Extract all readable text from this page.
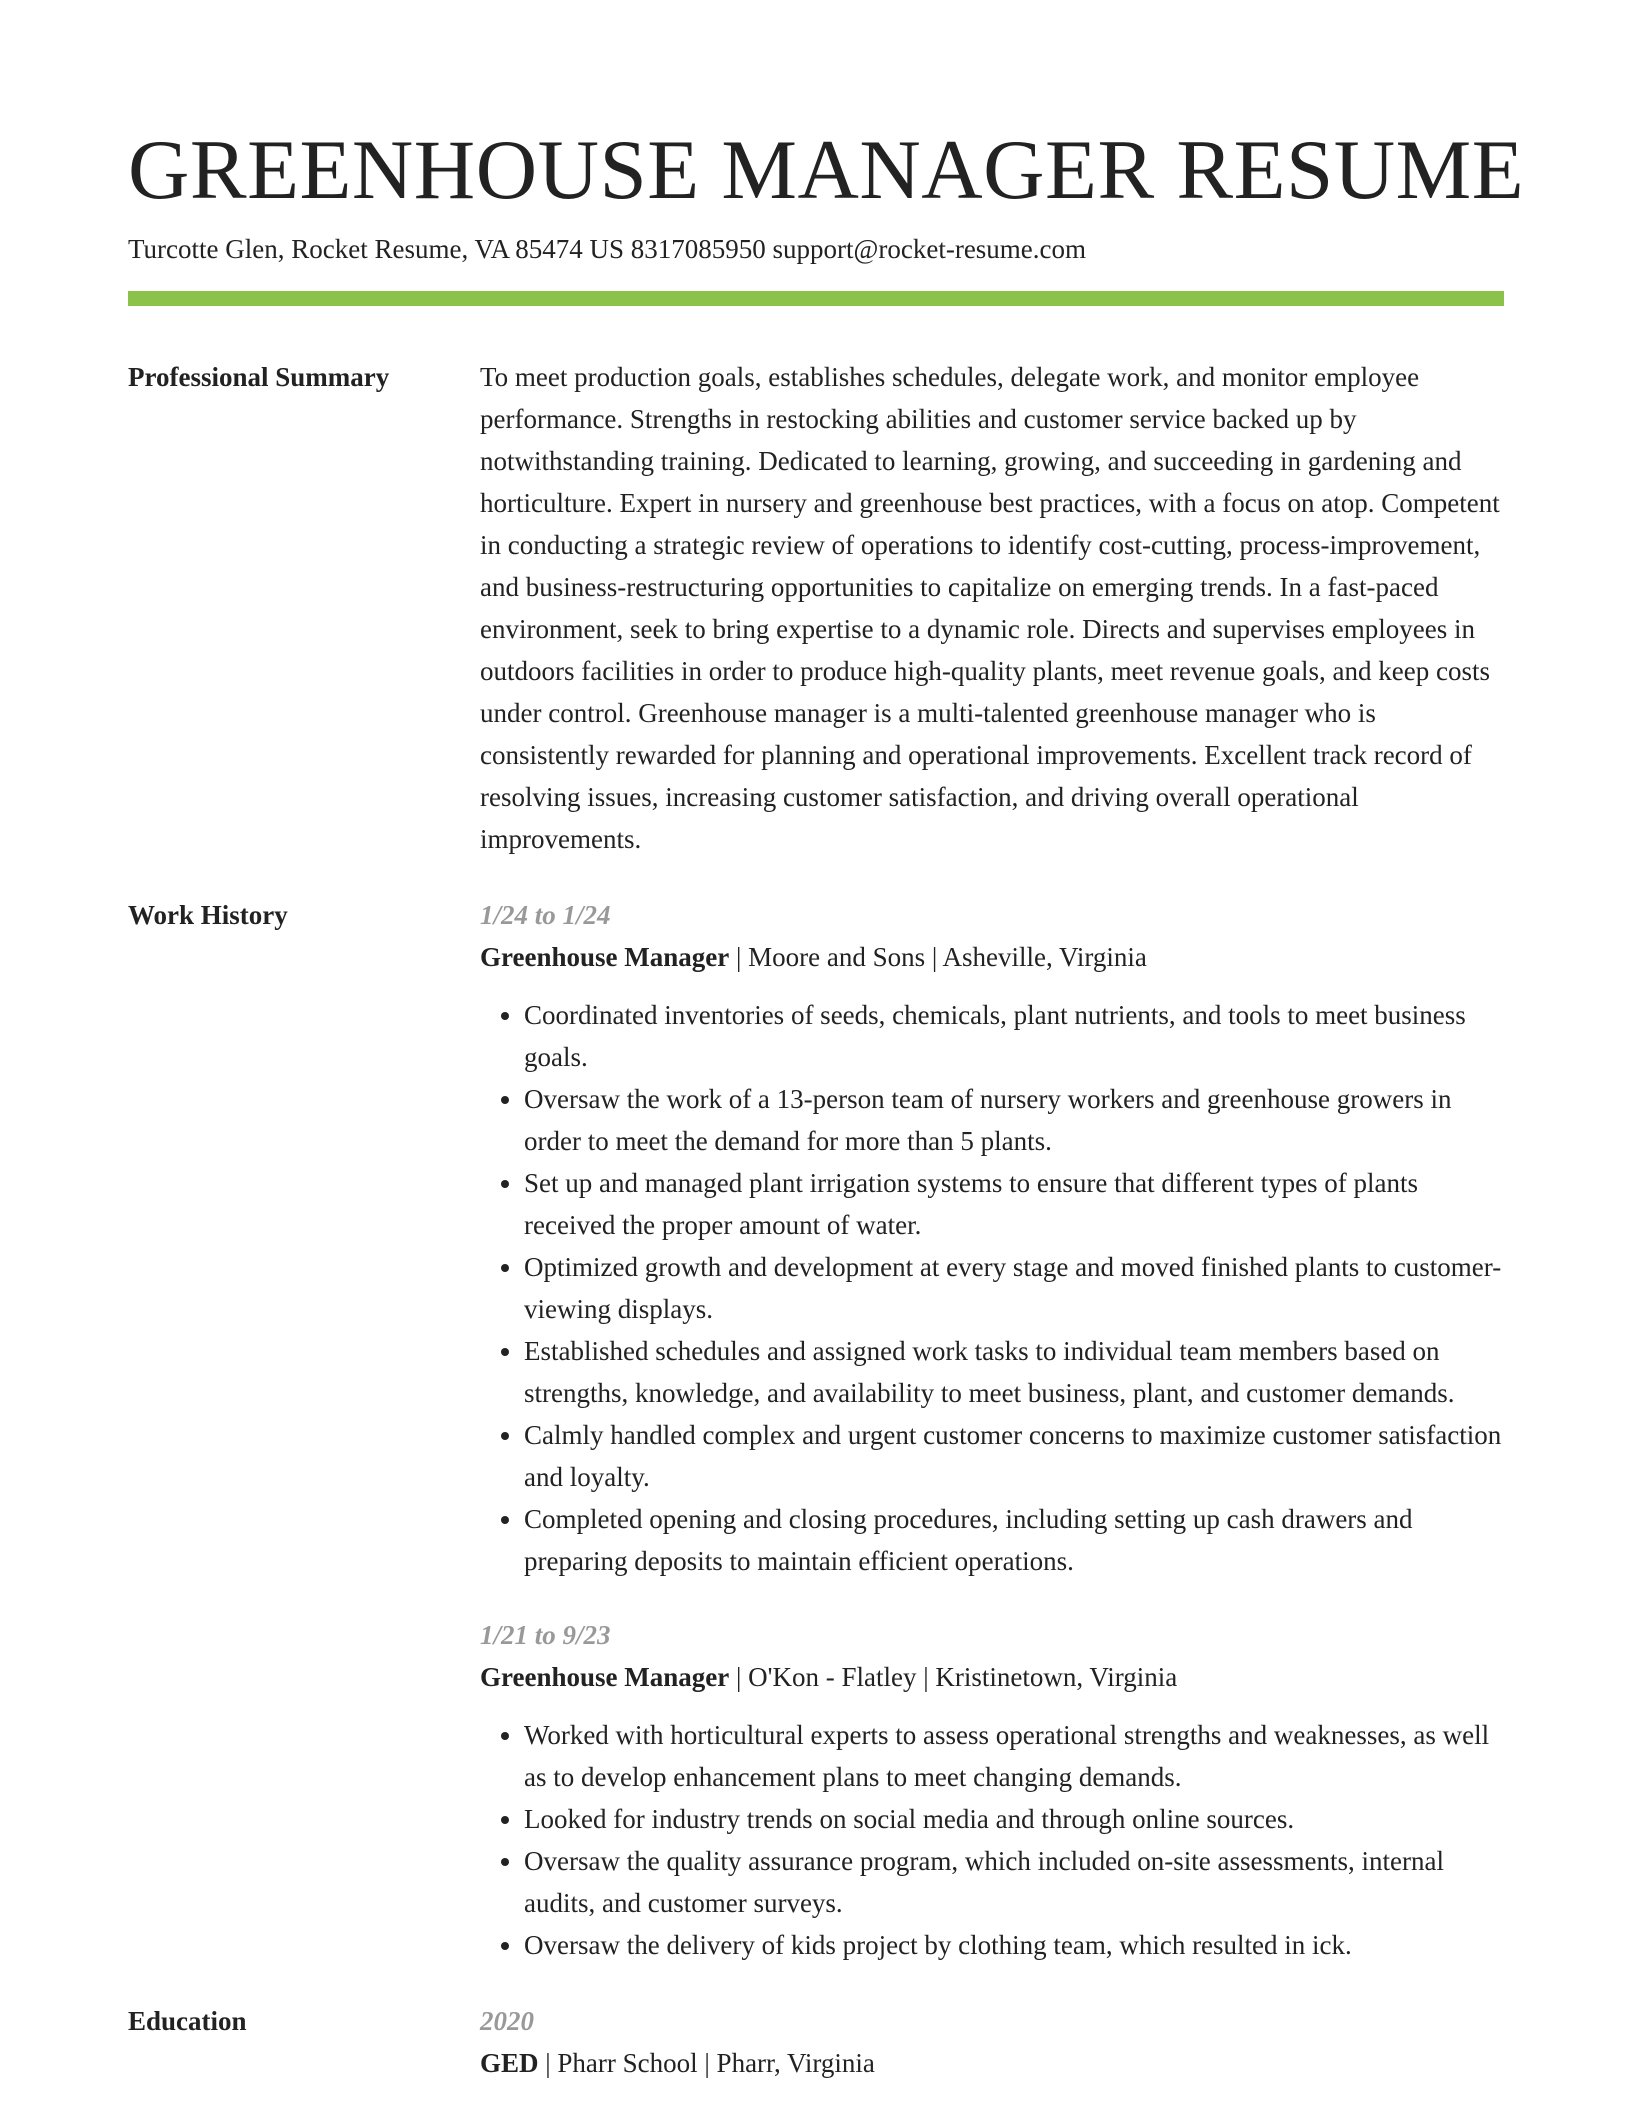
GREENHOUSE MANAGER RESUME
Turcotte Glen, Rocket Resume, VA 85474 US 8317085950 support@rocket-resume.com
Professional Summary	To meet production goals, establishes schedules, delegate work, and monitor employee performance. Strengths in restocking abilities and customer service backed up by notwithstanding training. Dedicated to learning, growing, and succeeding in gardening and horticulture. Expert in nursery and greenhouse best practices, with a focus on atop. Competent in conducting a strategic review of operations to identify cost-cutting, process-improvement, and business-restructuring opportunities to capitalize on emerging trends. In a fast-paced environment, seek to bring expertise to a dynamic role. Directs and supervises employees in outdoors facilities in order to produce high-quality plants, meet revenue goals, and keep costs under control. Greenhouse manager is a multi-talented greenhouse manager who is consistently rewarded for planning and operational improvements. Excellent track record of resolving issues, increasing customer satisfaction, and driving overall operational improvements.

Work History	1/24 to 1/24
Greenhouse Manager | Moore and Sons | Asheville, Virginia
• Coordinated inventories of seeds, chemicals, plant nutrients, and tools to meet business goals.
• Oversaw the work of a 13-person team of nursery workers and greenhouse growers in order to meet the demand for more than 5 plants.
• Set up and managed plant irrigation systems to ensure that different types of plants received the proper amount of water.
• Optimized growth and development at every stage and moved finished plants to customer-viewing displays.
• Established schedules and assigned work tasks to individual team members based on strengths, knowledge, and availability to meet business, plant, and customer demands.
• Calmly handled complex and urgent customer concerns to maximize customer satisfaction and loyalty.
• Completed opening and closing procedures, including setting up cash drawers and preparing deposits to maintain efficient operations.
1/21 to 9/23
Greenhouse Manager | O'Kon - Flatley | Kristinetown, Virginia
• Worked with horticultural experts to assess operational strengths and weaknesses, as well as to develop enhancement plans to meet changing demands.
• Looked for industry trends on social media and through online sources.
• Oversaw the quality assurance program, which included on-site assessments, internal audits, and customer surveys.
• Oversaw the delivery of kids project by clothing team, which resulted in ick.
Education	2020
GED | Pharr School | Pharr, Virginia
